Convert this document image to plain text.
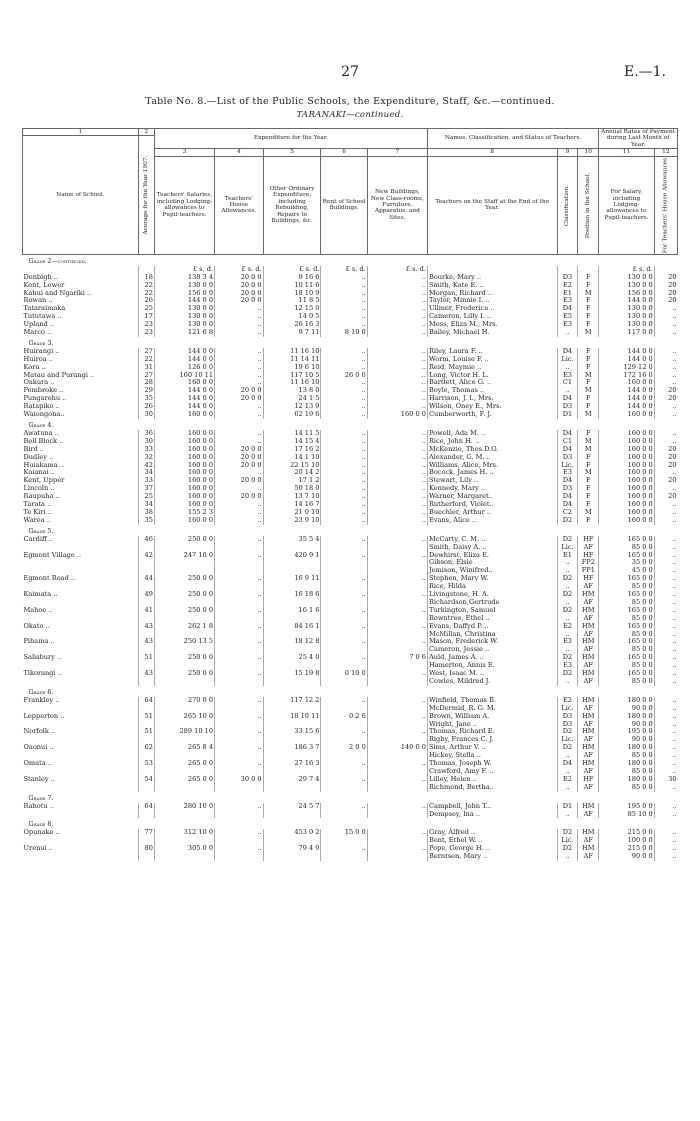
27	E.—1.
Table No. 8.—List of the Public Schools, the Expenditure, Staff, &c.—continued.
TARANAKI—continued.
1	2	Expenditure for the Year.					Names, Classification, and Status of Teachers.			Annual Rates of Payment during Last Month of Year.	
Name of School.	Average for the Year 1907.										
		3	4	5	6	7	8	9	10	11	12
		Teachers' Salaries, including Lodging-allowances to Pupil-teachers.	Teachers' House Allowances.	Other Ordinary Expenditure, including Rebuilding, Repairs to Buildings, &c.	Rent of School Buildings.	New Buildings, New Class-rooms, Furniture, Apparatus, and Sites.	Teachers on the Staff at the End of the Year.	Classification.	Position in the School.	For Salary, including Lodging-allowances to Pupil-teachers.	For Teachers' House Allowances.
Grade 2—continued.											
		£ s. d.	£ s. d.	£ s. d.	£ s. d.	£ s. d.				£ s. d.	
Denbigh ..	18	138 3 4	20 0 0	9 16 6	..	..	Bourke, Mary ..	D3	F	130 0 0	20
Kent, Lower	22	130 0 0	20 0 0	10 11 6	..	..	Smith, Kate E. ..	E2	F	130 0 0	20
Kahui and Ngariki ..	22	156 0 0	20 0 0	18 10 9	..	..	Morgan, Richard ..	E1	M	156 0 0	20
Rowan ..	26	144 0 0	20 0 0	11 8 5	..	..	Taylor, Minnie I. ..	E3	F	144 0 0	20
Tataraimaka	25	130 0 0	..	12 15 0	..	..	Ullmer, Frederica ..	D4	F	130 0 0	..
Tututawa ..	17	130 0 0	..	14 0 5	..	..	Cameron, Lilly I. ..	E5	F	130 0 0	..
Upland ..	23	130 0 0	..	26 16 3	..	..	Moss, Eliza M., Mrs.	E3	F	130 0 0	..
Marco ..	23	121 6 8	..	9 7 11	8 10 0	..	Bailey, Michael H.	..	M	117 0 0	..
Grade 3.											
Huirangi ..	27	144 0 0	..	11 16 10	..	..	Riley, Laura F. ..	D4	F	144 0 0	..
Huiroa ..	22	144 0 0	..	11 14 11	..	..	Worm, Louise F. ..	Lic.	F	144 0 0	..
Koru ..	31	126 0 0	..	19 6 10	..	..	Reid, Maymie ..	..	F	129 12 0	..
Matau and Purangi ..	27	160 10 11	..	117 10 5	26 0 0	..	Long, Victor H. L.	E3	M	172 16 0	..
Oakura ..	28	160 0 0	..	11 16 10	..	..	Bartlett, Alice G. ..	C1	F	160 0 0	..
Pembroke ..	29	144 0 0	20 0 0	13 8 0	..	..	Boyle, Thomas ..	..	M	144 0 0	20
Pungarehu ..	35	144 0 0	20 0 0	24 1 5	..	..	Harrison, J. I., Mrs.	D4	F	144 0 0	20
Ratapiko ..	26	144 0 0	..	12 13 9	..	..	Wilson, Oney E., Mrs.	D3	F	144 0 0	..
Waiongona..	30	160 0 0	..	62 19 6	..	160 0 0	Cumberworth, F. J.	D1	M	160 0 0	..
Grade 4.											
Awatuna ..	36	160 0 0	..	14 11 5	..	..	Powell, Ada M. ..	D4	F	160 0 0	..
Bell Block ..	30	160 0 0	..	14 15 4	..	..	Rice, John H. ..	C1	M	160 0 0	..
Bird ..	33	160 0 0	20 0 0	17 16 2	..	..	McKenzie, Thos.D.O.	D4	M	160 0 0	20
Dudley ..	32	160 0 0	20 0 0	14 1 10	..	..	Alexander, G. M. ..	D3	F	160 0 0	20
Huiakama ..	42	160 0 0	20 0 0	22 15 10	..	..	Williams, Alice, Mrs.	Lic.	F	160 0 0	20
Kaianai ..	34	160 0 0	..	20 14 2	..	..	Bocock, James H. ..	E3	M	160 0 0	..
Kent, Upper	33	160 0 0	20 0 0	17 1 2	..	..	Stewart, Lily ..	D4	F	160 0 0	20
Lincoln ..	37	160 0 0	..	50 18 0	..	..	Kennedy, Mary ..	D3	F	160 0 0	..
Raupuha ..	25	160 0 0	20 0 0	13 7 10	..	..	Warner, Margaret..	D4	F	160 0 0	20
Tarata ..	34	160 0 0	..	14 16 7	..	..	Rutherford, Violet..	D4	F	160 0 0	..
Te Kiri ..	38	155 2 3	..	21 0 10	..	..	Buechler, Arthur ..	C2	M	160 0 0	..
Warea ..	35	160 0 0	..	23 9 10	..	..	Evans, Alice ..	D2	F	160 0 0	..
Grade 5.											
Cardiff ..	46	250 0 0	..	35 5 4	..	..	McCarty, C. M. ..	D2	HF	165 0 0	..
							Smith, Daisy A. ..	Lic.	AF	85 0 0	..
Egmont Village ..	42	247 10 0	..	420 9 1	..	..	Dewhirst, Eliza E.	E1	HF	165 0 0	..
							Gibson, Elsie	..	FP2	35 0 0	..
							Jemison, Winifred..	..	FP1	45 0 0	..
Egmont Road ..	44	250 0 0	..	16 9 11	..	..	Stephen, Mary W.	D2	HF	165 0 0	..
							Rice, Hilda	..	AF	85 0 0	..
Kaimata ..	49	250 0 0	..	16 18 6	..	..	Livingstone, H. A.	D2	HM	165 0 0	..
							Richardson,Gertrude	..	AF	85 0 0	..
Mahoe ..	41	250 0 0	..	16 1 6	..	..	Turkington, Samuel	D2	HM	165 0 0	..
							Rowntree, Ethel ..	..	AF	85 0 0	..
Okato ..	43	262 1 8	..	84 16 1	..	..	Evans, Daffyd P. ..	E2	HM	165 0 0	..
							McMillan, Christina	..	AF	85 0 0	..
Pihama ..	43	250 13 5	..	18 12 8	..	..	Mason, Frederick W.	E3	HM	165 0 0	..
							Cameron, Jessie ..	..	AF	85 0 0	..
Salisbury ..	51	250 0 0	..	25 4 0	..	7 0 6	Auld, James A. ..	D2	HM	165 0 0	..
							Hamerton, Annis E.	E3	AF	85 0 0	..
Tikorangi ..	43	250 0 0	..	15 19 8	0 10 0	..	West, Isaac M. ..	D2	HM	165 0 0	..
							Cowles, Mildred J.	..	AF	85 0 0	..
Grade 6.											
Frankley ..	64	270 0 0	..	117 12 2	..	..	Winfield, Thomas B.	E2	HM	180 0 0	..
							McDermid, R. G. M.	Lic.	AF	90 0 0	..
Lepperton ..	51	265 10 0	..	18 10 11	0 2 6	..	Brown, William A.	D3	HM	180 0 0	..
							Wright, Jane ..	D3	AF	90 0 0	..
Norfolk ..	51	289 10 10	..	33 15 6	..	..	Thomas, Richard E.	D2	HM	195 0 0	..
							Rigby, Frances C. J.	Lic.	AF	90 0 0	..
Oaonui ..	62	265 8 4	..	186 3 7	2 0 0	140 0 0	Sims, Arthur V. ..	D2	HM	180 0 0	..
							Hickey, Stella ..	..	AF	85 0 0	..
Omata ..	53	265 0 0	..	27 16 3	..	..	Thomas, Joseph W.	D4	HM	180 0 0	..
							Crawford, Amy F. ..	..	AF	85 0 0	..
Stanley ..	54	265 0 0	30 0 0	29 7 4	..	..	Lilley, Helen ..	E2	HF	180 0 0	30
							Richmond, Bertha..	..	AF	85 0 0	..
Grade 7.											
Rahotu ..	64	280 10 0	..	24 5 7	..	..	Campbell, John T...	D1	HM	195 0 0	..
							Dempsey, Ina ..	..	AF	85 10 0	..
Grade 8.											
Opunake ..	77	312 10 0	..	453 0 2	15 0 0	..	Gray, Alfred ..	D2	HM	215 0 0	..
							Bent, Ethel W. ..	Lic.	AF	100 0 0	..
Urenui ..	80	305 0 0	..	79 4 9	..	..	Pope, George H. ..	D2	HM	215 0 0	..
							Berntsen, Mary ..	..	AF	90 0 0	..
